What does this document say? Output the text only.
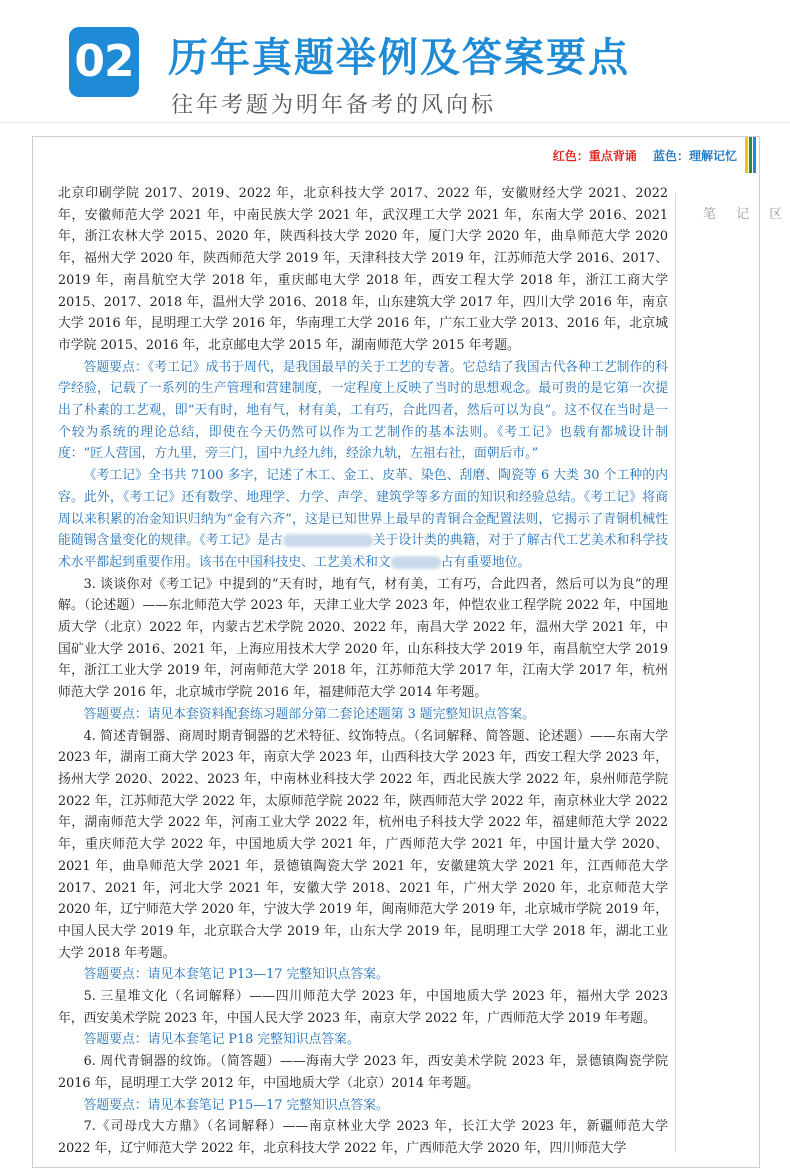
02 历年真题举例及答案要点
往年考题为明年备考的风向标
红色：重点背诵 蓝色：理解记忆
笔 记 区

北京印刷学院 2017、2019、2022 年，北京科技大学 2017、2022 年，安徽财经大学 2021、2022 年，安徽师范大学 2021 年，中南民族大学 2021 年，武汉理工大学 2021 年，东南大学 2016、2021 年，浙江农林大学 2015、2020 年，陕西科技大学 2020 年，厦门大学 2020 年，曲阜师范大学 2020 年，福州大学 2020 年，陕西师范大学 2019 年，天津科技大学 2019 年，江苏师范大学 2016、2017、2019 年，南昌航空大学 2018 年，重庆邮电大学 2018 年，西安工程大学 2018 年，浙江工商大学 2015、2017、2018 年，温州大学 2016、2018 年，山东建筑大学 2017 年，四川大学 2016 年，南京大学 2016 年，昆明理工大学 2016 年，华南理工大学 2016 年，广东工业大学 2013、2016 年，北京城市学院 2015、2016 年，北京邮电大学 2015 年，湖南师范大学 2015 年考题。

答题要点：《考工记》成书于周代，是我国最早的关于工艺的专著。它总结了我国古代各种工艺制作的科学经验，记载了一系列的生产管理和营建制度，一定程度上反映了当时的思想观念。最可贵的是它第一次提出了朴素的工艺观，即“天有时，地有气，材有美，工有巧，合此四者，然后可以为良”。这不仅在当时是一个较为系统的理论总结，即使在今天仍然可以作为工艺制作的基本法则。《考工记》也载有都城设计制度：“匠人营国，方九里，旁三门，国中九经九纬，经涂九轨，左祖右社，面朝后市。”

《考工记》全书共 7100 多字，记述了木工、金工、皮革、染色、刮磨、陶瓷等 6 大类 30 个工种的内容。此外，《考工记》还有数学、地理学、力学、声学、建筑学等多方面的知识和经验总结。《考工记》将商周以来积累的冶金知识归纳为“金有六齐”，这是已知世界上最早的青铜合金配置法则，它揭示了青铜机械性能随锡含量变化的规律。《考工记》是古	关于设计类的典籍，对于了解古代工艺美术和科学技术水平都起到重要作用。该书在中国科技史、工艺美术和文	占有重要地位。

3. 谈谈你对《考工记》中提到的“天有时，地有气，材有美，工有巧，合此四者，然后可以为良”的理解。（论述题）——东北师范大学 2023 年，天津工业大学 2023 年，仲恺农业工程学院 2022 年，中国地质大学（北京）2022 年，内蒙古艺术学院 2020、2022 年，南昌大学 2022 年，温州大学 2021 年，中国矿业大学 2016、2021 年，上海应用技术大学 2020 年，山东科技大学 2019 年，南昌航空大学 2019 年，浙江工业大学 2019 年，河南师范大学 2018 年，江苏师范大学 2017 年，江南大学 2017 年，杭州师范大学 2016 年，北京城市学院 2016 年，福建师范大学 2014 年考题。

答题要点：请见本套资料配套练习题部分第二套论述题第 3 题完整知识点答案。

4. 简述青铜器、商周时期青铜器的艺术特征、纹饰特点。（名词解释、简答题、论述题）——东南大学 2023 年，湖南工商大学 2023 年，南京大学 2023 年，山西科技大学 2023 年，西安工程大学 2023 年，扬州大学 2020、2022、2023 年，中南林业科技大学 2022 年，西北民族大学 2022 年，泉州师范学院 2022 年，江苏师范大学 2022 年，太原师范学院 2022 年，陕西师范大学 2022 年，南京林业大学 2022 年，湖南师范大学 2022 年，河南工业大学 2022 年，杭州电子科技大学 2022 年，福建师范大学 2022 年，重庆师范大学 2022 年，中国地质大学 2021 年，广西师范大学 2021 年，中国计量大学 2020、2021 年，曲阜师范大学 2021 年，景德镇陶瓷大学 2021 年，安徽建筑大学 2021 年，江西师范大学 2017、2021 年，河北大学 2021 年，安徽大学 2018、2021 年，广州大学 2020 年，北京师范大学 2020 年，辽宁师范大学 2020 年，宁波大学 2019 年，闽南师范大学 2019 年，北京城市学院 2019 年，中国人民大学 2019 年，北京联合大学 2019 年，山东大学 2019 年，昆明理工大学 2018 年，湖北工业大学 2018 年考题。

答题要点：请见本套笔记 P13—17 完整知识点答案。

5. 三星堆文化（名词解释）——四川师范大学 2023 年，中国地质大学 2023 年，福州大学 2023 年，西安美术学院 2023 年，中国人民大学 2023 年，南京大学 2022 年，广西师范大学 2019 年考题。

答题要点：请见本套笔记 P18 完整知识点答案。

6. 周代青铜器的纹饰。（简答题）——海南大学 2023 年，西安美术学院 2023 年，景德镇陶瓷学院 2016 年，昆明理工大学 2012 年，中国地质大学（北京）2014 年考题。

答题要点：请见本套笔记 P15—17 完整知识点答案。

7.《司母戊大方鼎》（名词解释）——南京林业大学 2023 年，长江大学 2023 年，新疆师范大学 2022 年，辽宁师范大学 2022 年，北京科技大学 2022 年，广西师范大学 2020 年，四川师范大学
